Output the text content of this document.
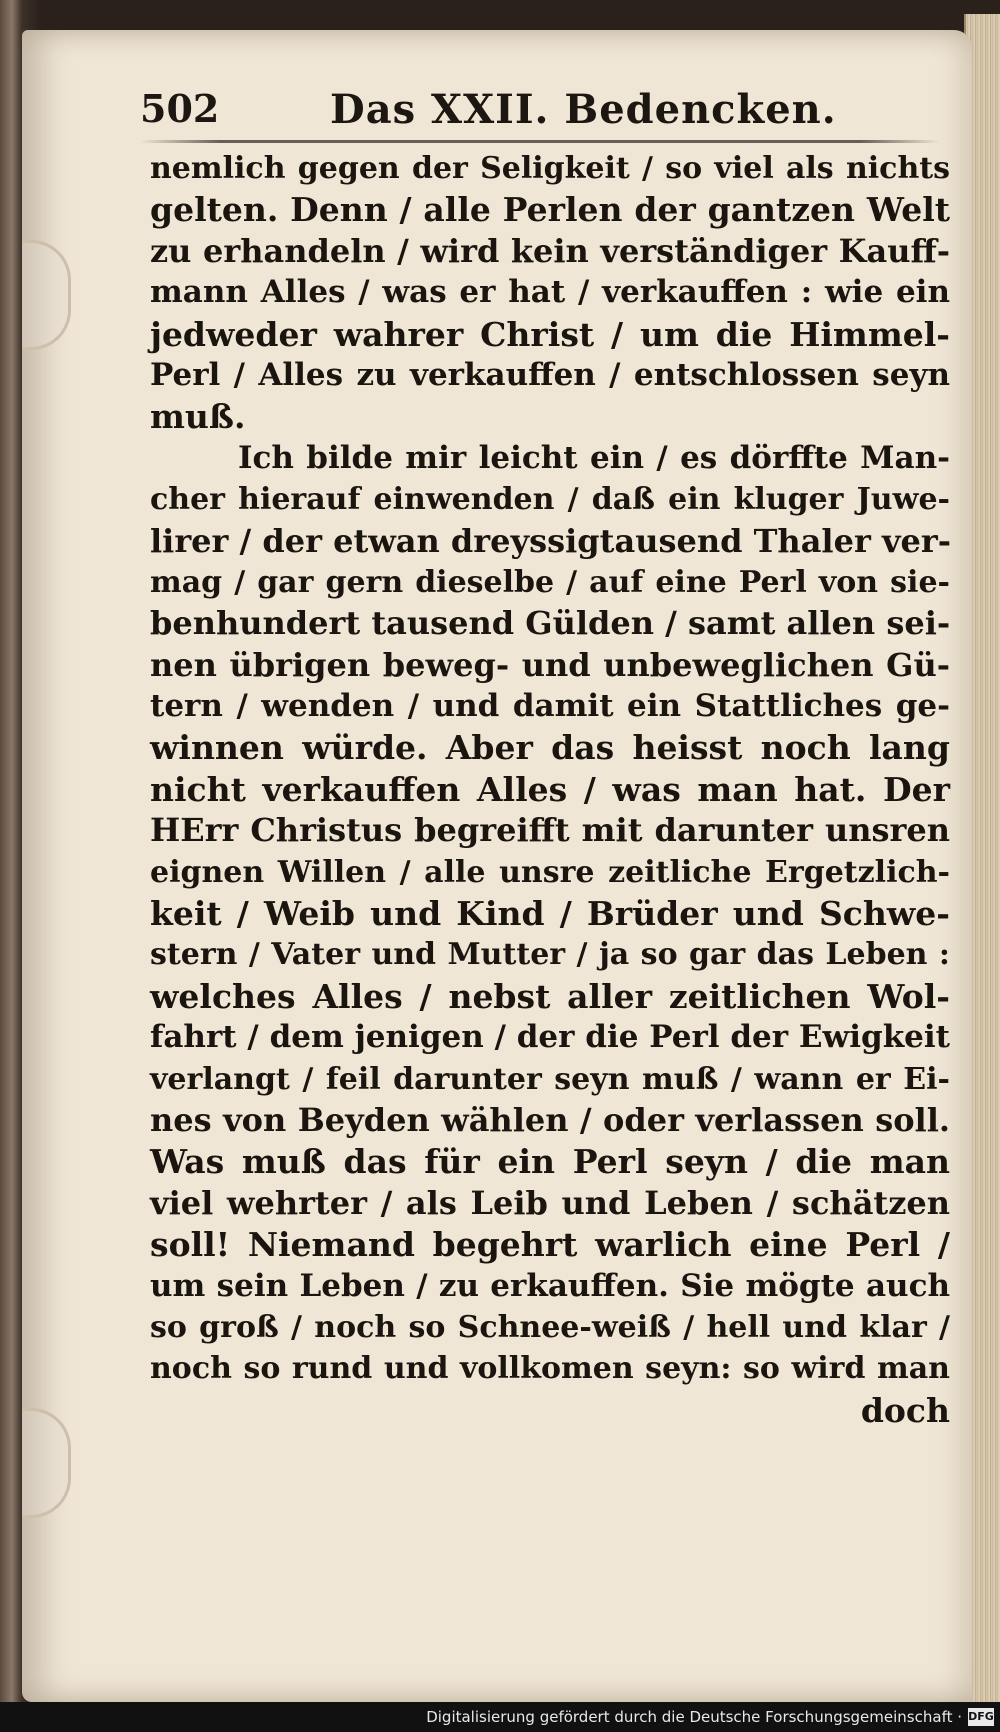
502	Das XXII. Bedencken.
nemlich gegen der Seligkeit / so viel als nichts
gelten. Denn / alle Perlen der gantzen Welt
zu erhandeln / wird kein verständiger Kauff-
mann Alles / was er hat / verkauffen : wie ein
jedweder wahrer Christ / um die Himmel-
Perl / Alles zu verkauffen / entschlossen seyn
muß.
Ich bilde mir leicht ein / es dörffte Man-
cher hierauf einwenden / daß ein kluger Juwe-
lirer / der etwan dreyssigtausend Thaler ver-
mag / gar gern dieselbe / auf eine Perl von sie-
benhundert tausend Gülden / samt allen sei-
nen übrigen beweg- und unbeweglichen Gü-
tern / wenden / und damit ein Stattliches ge-
winnen würde. Aber das heisst noch lang
nicht verkauffen Alles / was man hat. Der
HErr Christus begreifft mit darunter unsren
eignen Willen / alle unsre zeitliche Ergetzlich-
keit / Weib und Kind / Brüder und Schwe-
stern / Vater und Mutter / ja so gar das Leben :
welches Alles / nebst aller zeitlichen Wol-
fahrt / dem jenigen / der die Perl der Ewigkeit
verlangt / feil darunter seyn muß / wann er Ei-
nes von Beyden wählen / oder verlassen soll.
Was muß das für ein Perl seyn / die man
viel wehrter / als Leib und Leben / schätzen
soll! Niemand begehrt warlich eine Perl /
um sein Leben / zu erkauffen. Sie mögte auch
so groß / noch so Schnee-weiß / hell und klar /
noch so rund und vollkomen seyn: so wird man
doch
Digitalisierung gefördert durch die Deutsche Forschungsgemeinschaft · DFG
